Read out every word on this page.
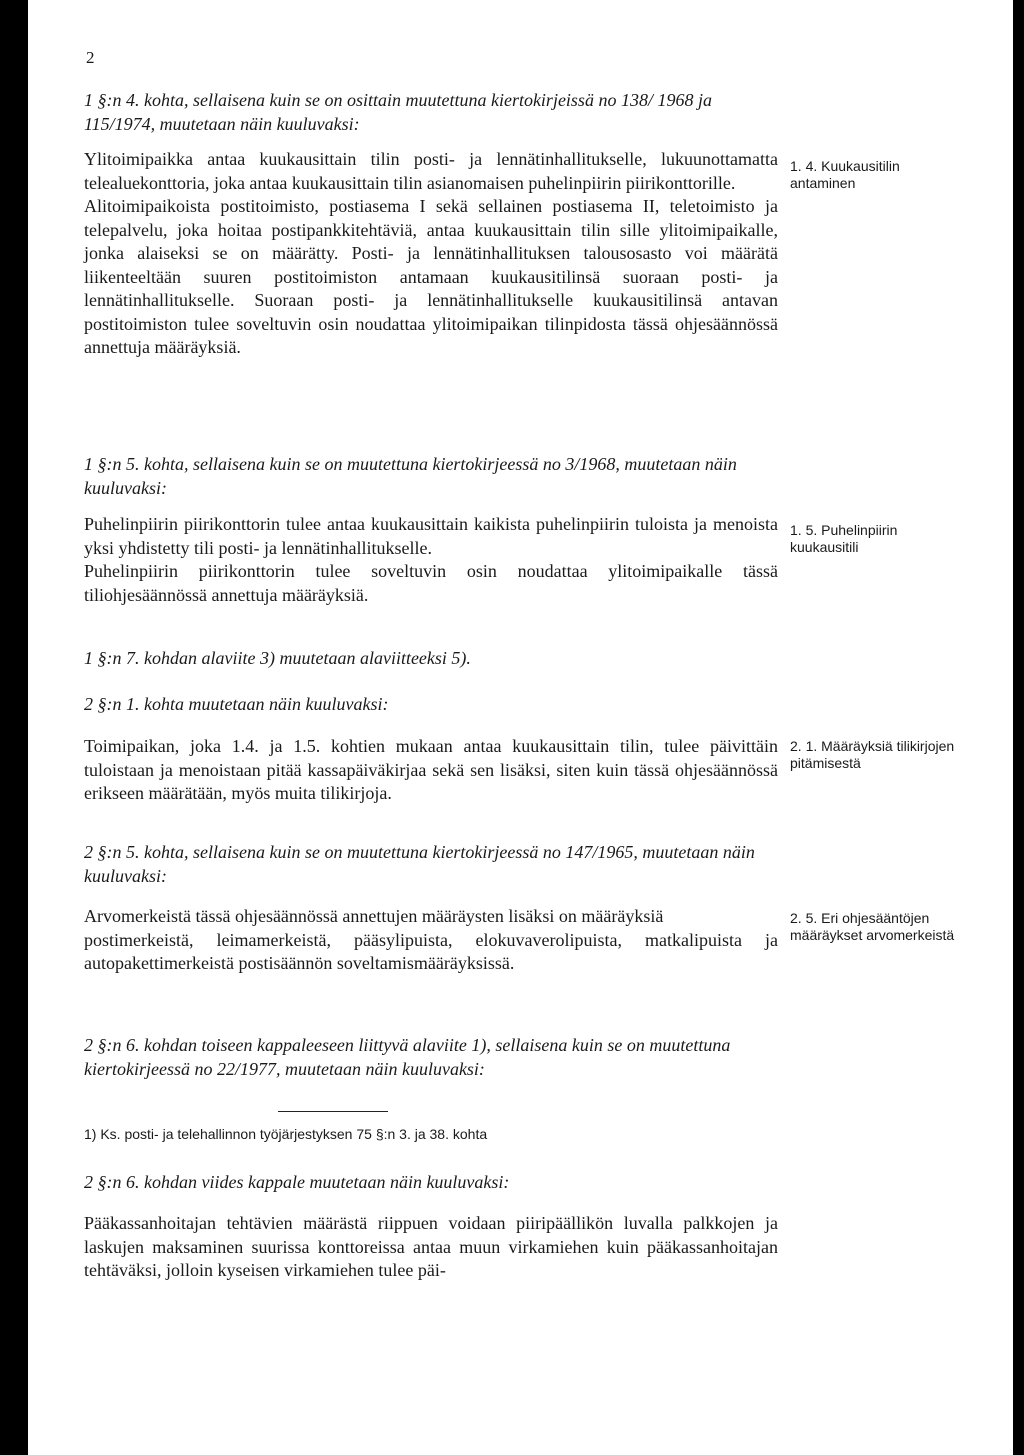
2
1 §:n 4. kohta, sellaisena kuin se on osittain muutettuna kiertokirjeissä no 138/ 1968 ja 115/1974, muutetaan näin kuuluvaksi:

Ylitoimipaikka antaa kuukausittain tilin posti- ja lennätinhallitukselle, lukuunottamatta telealuekonttoria, joka antaa kuukausittain tilin asianomaisen puhelinpiirin piirikonttorille.

Alitoimipaikoista postitoimisto, postiasema I sekä sellainen postiasema II, teletoimisto ja telepalvelu, joka hoitaa postipankkitehtäviä, antaa kuukausittain tilin sille ylitoimipaikalle, jonka alaiseksi se on määrätty. Posti- ja lennätinhallituksen talousosasto voi määrätä liikenteeltään suuren postitoimiston antamaan kuukausitilinsä suoraan posti- ja lennätinhallitukselle. Suoraan posti- ja lennätinhallitukselle kuukausitilinsä antavan postitoimiston tulee soveltuvin osin noudattaa ylitoimipaikan tilinpidosta tässä ohjesäännössä annettuja määräyksiä.

1. 4. Kuukausitilin antaminen
1 §:n 5. kohta, sellaisena kuin se on muutettuna kiertokirjeessä no 3/1968, muutetaan näin kuuluvaksi:

Puhelinpiirin piirikonttorin tulee antaa kuukausittain kaikista puhelinpiirin tuloista ja menoista yksi yhdistetty tili posti- ja lennätinhallitukselle.

Puhelinpiirin piirikonttorin tulee soveltuvin osin noudattaa ylitoimipaikalle tässä tiliohjesäännössä annettuja määräyksiä.

1. 5. Puhelinpiirin kuukausitili
1 §:n 7. kohdan alaviite 3) muutetaan alaviitteeksi 5).
2 §:n 1. kohta muutetaan näin kuuluvaksi:

Toimipaikan, joka 1.4. ja 1.5. kohtien mukaan antaa kuukausittain tilin, tulee päivittäin tuloistaan ja menoistaan pitää kassapäiväkirjaa sekä sen lisäksi, siten kuin tässä ohjesäännössä erikseen määrätään, myös muita tilikirjoja.

2. 1. Määräyksiä tilikirjojen pitämisestä
2 §:n 5. kohta, sellaisena kuin se on muutettuna kiertokirjeessä no 147/1965, muutetaan näin kuuluvaksi:

Arvomerkeistä tässä ohjesäännössä annettujen määräysten lisäksi on määräyksiä

postimerkeistä, leimamerkeistä, pääsylipuista, elokuvaverolipuista, matkalipuista ja autopakettimerkeistä postisäännön soveltamismääräyksissä.

2. 5. Eri ohjesääntöjen määräykset arvomerkeistä
2 §:n 6. kohdan toiseen kappaleeseen liittyvä alaviite 1), sellaisena kuin se on muutettuna kiertokirjeessä no 22/1977, muutetaan näin kuuluvaksi:
1) Ks. posti- ja telehallinnon työjärjestyksen 75 §:n 3. ja 38. kohta
2 §:n 6. kohdan viides kappale muutetaan näin kuuluvaksi:

Pääkassanhoitajan tehtävien määrästä riippuen voidaan piiripäällikön luvalla palkkojen ja laskujen maksaminen suurissa konttoreissa antaa muun virkamiehen kuin pääkassanhoitajan tehtäväksi, jolloin kyseisen virkamiehen tulee päi-
